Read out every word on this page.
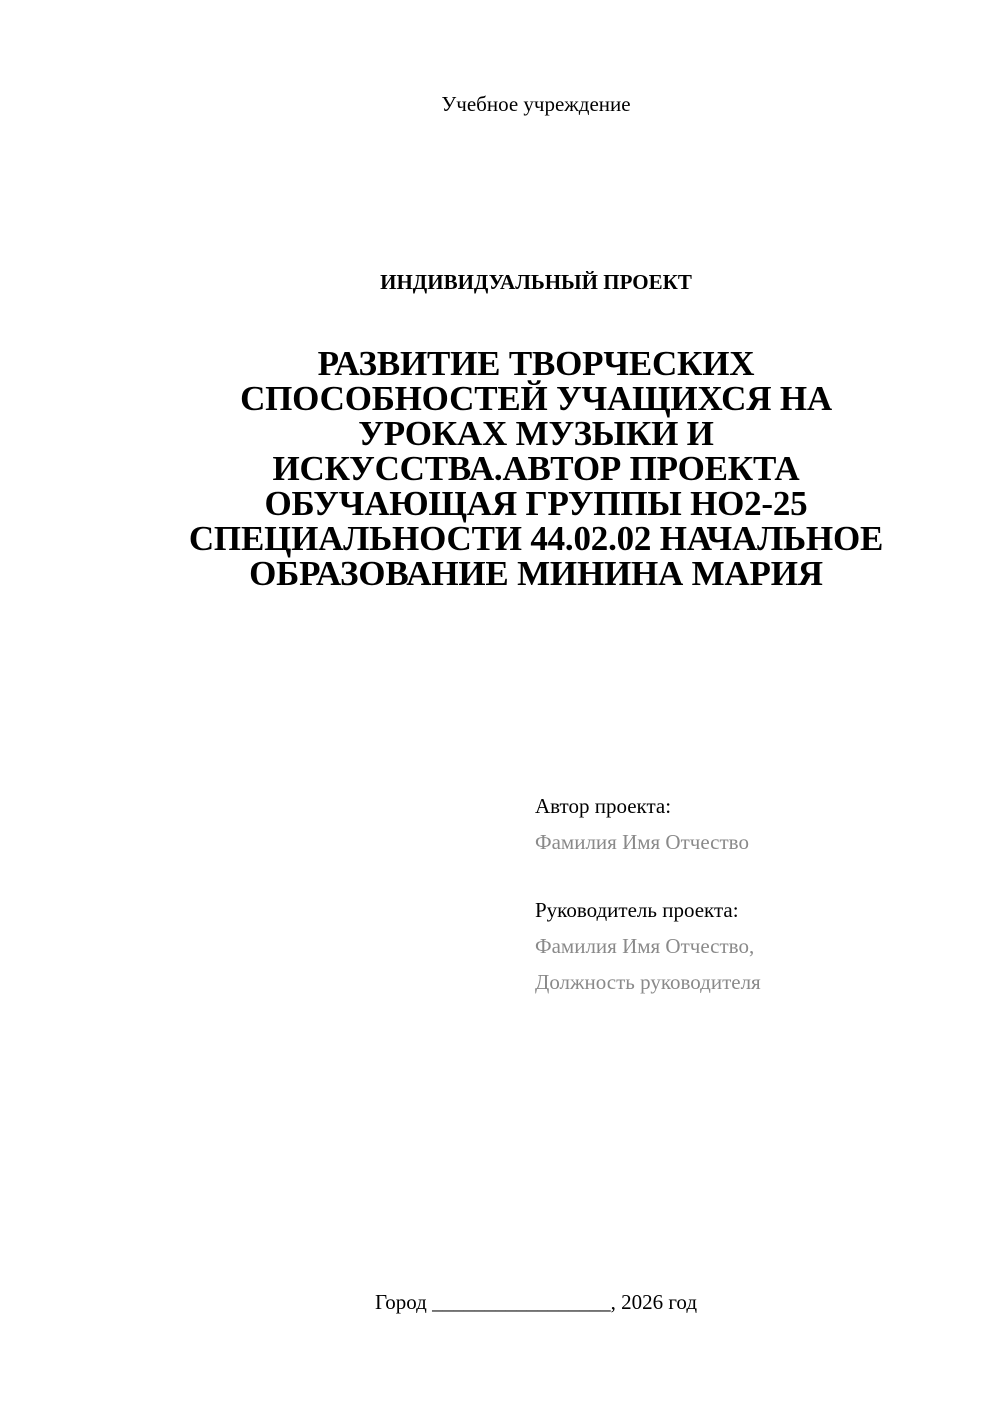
Учебное учреждение
ИНДИВИДУАЛЬНЫЙ ПРОЕКТ
РАЗВИТИЕ ТВОРЧЕСКИХ
СПОСОБНОСТЕЙ УЧАЩИХСЯ НА
УРОКАХ МУЗЫКИ И
ИСКУССТВА.АВТОР ПРОЕКТА
ОБУЧАЮЩАЯ ГРУППЫ НО2-25
СПЕЦИАЛЬНОСТИ 44.02.02 НАЧАЛЬНОЕ
ОБРАЗОВАНИЕ МИНИНА МАРИЯ
Автор проекта:
Фамилия Имя Отчество
Руководитель проекта:
Фамилия Имя Отчество,
Должность руководителя
Город _________________, 2026 год
